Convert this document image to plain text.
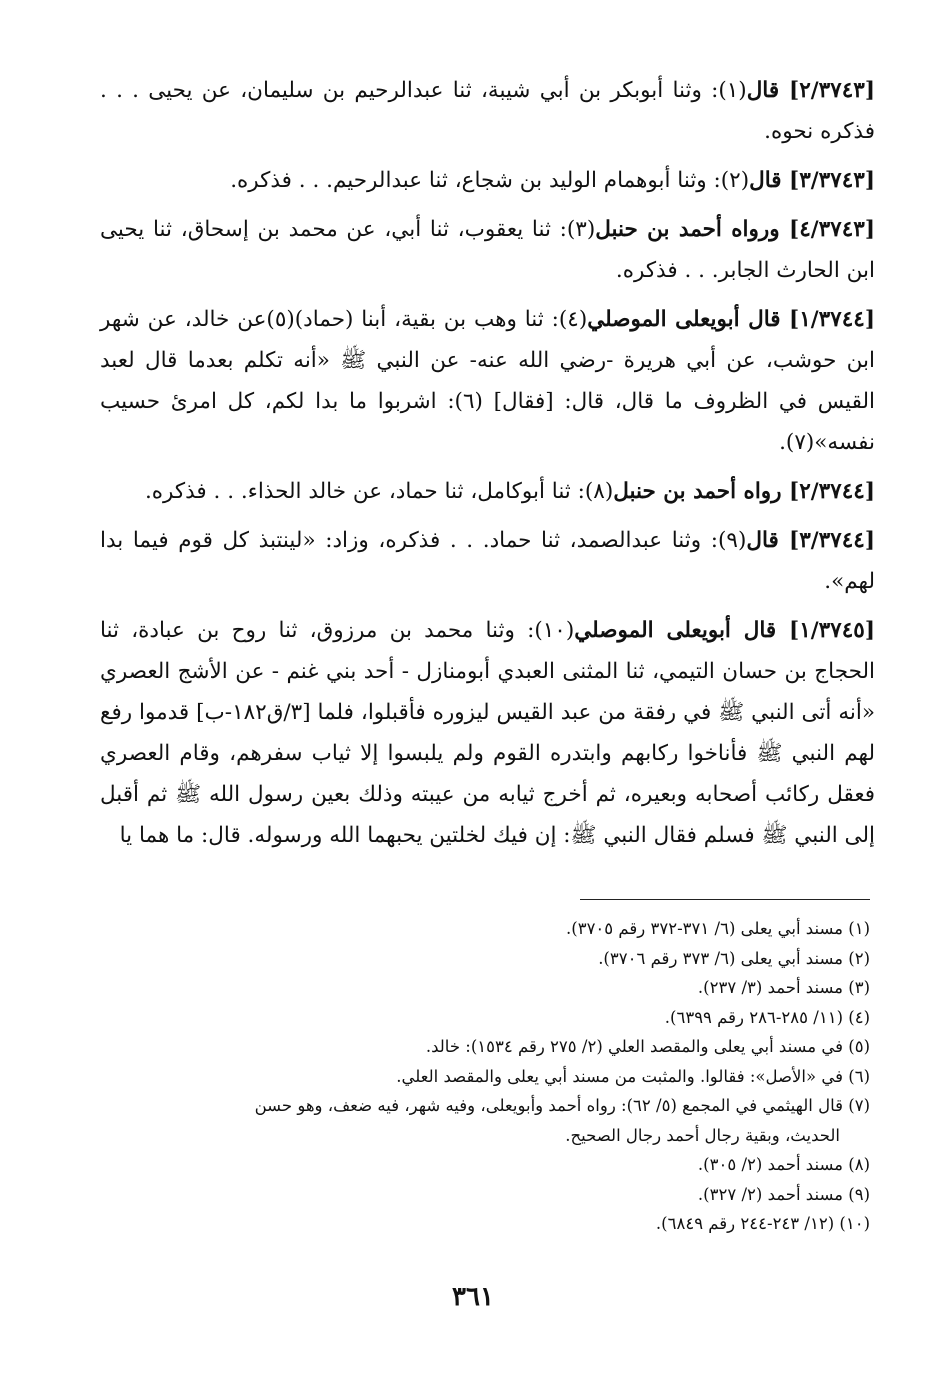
[٢/٣٧٤٣] قال(١): وثنا أبوبكر بن أبي شيبة، ثنا عبدالرحيم بن سليمان، عن يحيى . . . فذكره نحوه.

[٣/٣٧٤٣] قال(٢): وثنا أبوهمام الوليد بن شجاع، ثنا عبدالرحيم. . . فذكره.

[٤/٣٧٤٣] ورواه أحمد بن حنبل(٣): ثنا يعقوب، ثنا أبي، عن محمد بن إسحاق، ثنا يحيى ابن الحارث الجابر. . . فذكره.

[١/٣٧٤٤] قال أبويعلى الموصلي(٤): ثنا وهب بن بقية، أبنا (حماد)(٥)عن خالد، عن شهر ابن حوشب، عن أبي هريرة -رضي الله عنه- عن النبي ﷺ «أنه تكلم بعدما قال لعبد القيس في الظروف ما قال، قال: [فقال] (٦): اشربوا ما بدا لكم، كل امرئ حسيب نفسه»(٧).

[٢/٣٧٤٤] رواه أحمد بن حنبل(٨): ثنا أبوكامل، ثنا حماد، عن خالد الحذاء. . . فذكره.

[٣/٣٧٤٤] قال(٩): وثنا عبدالصمد، ثنا حماد. . . فذكره، وزاد: «لينتبذ كل قوم فيما بدا لهم».

[١/٣٧٤٥] قال أبويعلى الموصلي(١٠): وثنا محمد بن مرزوق، ثنا روح بن عبادة، ثنا الحجاج بن حسان التيمي، ثنا المثنى العبدي أبومنازل - أحد بني غنم - عن الأشج العصري «أنه أتى النبي ﷺ في رفقة من عبد القيس ليزوره فأقبلوا، فلما [٣/ق١٨٢-ب] قدموا رفع لهم النبي ﷺ فأناخوا ركابهم وابتدره القوم ولم يلبسوا إلا ثياب سفرهم، وقام العصري فعقل ركائب أصحابه وبعيره، ثم أخرج ثيابه من عيبته وذلك بعين رسول الله ﷺ ثم أقبل إلى النبي ﷺ فسلم فقال النبي ﷺ: إن فيك لخلتين يحبهما الله ورسوله. قال: ما هما يا

(١) مسند أبي يعلى (٦/ ٣٧١-٣٧٢ رقم ٣٧٠٥).

(٢) مسند أبي يعلى (٦/ ٣٧٣ رقم ٣٧٠٦).

(٣) مسند أحمد (٣/ ٢٣٧).

(٤) (١١/ ٢٨٥-٢٨٦ رقم ٦٣٩٩).

(٥) في مسند أبي يعلى والمقصد العلي (٢/ ٢٧٥ رقم ١٥٣٤): خالد.

(٦) في «الأصل»: فقالوا. والمثبت من مسند أبي يعلى والمقصد العلي.

(٧) قال الهيثمي في المجمع (٥/ ٦٢): رواه أحمد وأبويعلى، وفيه شهر، فيه ضعف، وهو حسن
الحديث، وبقية رجال أحمد رجال الصحيح.

(٨) مسند أحمد (٢/ ٣٠٥).

(٩) مسند أحمد (٢/ ٣٢٧).

(١٠) (١٢/ ٢٤٣-٢٤٤ رقم ٦٨٤٩).

٣٦١
